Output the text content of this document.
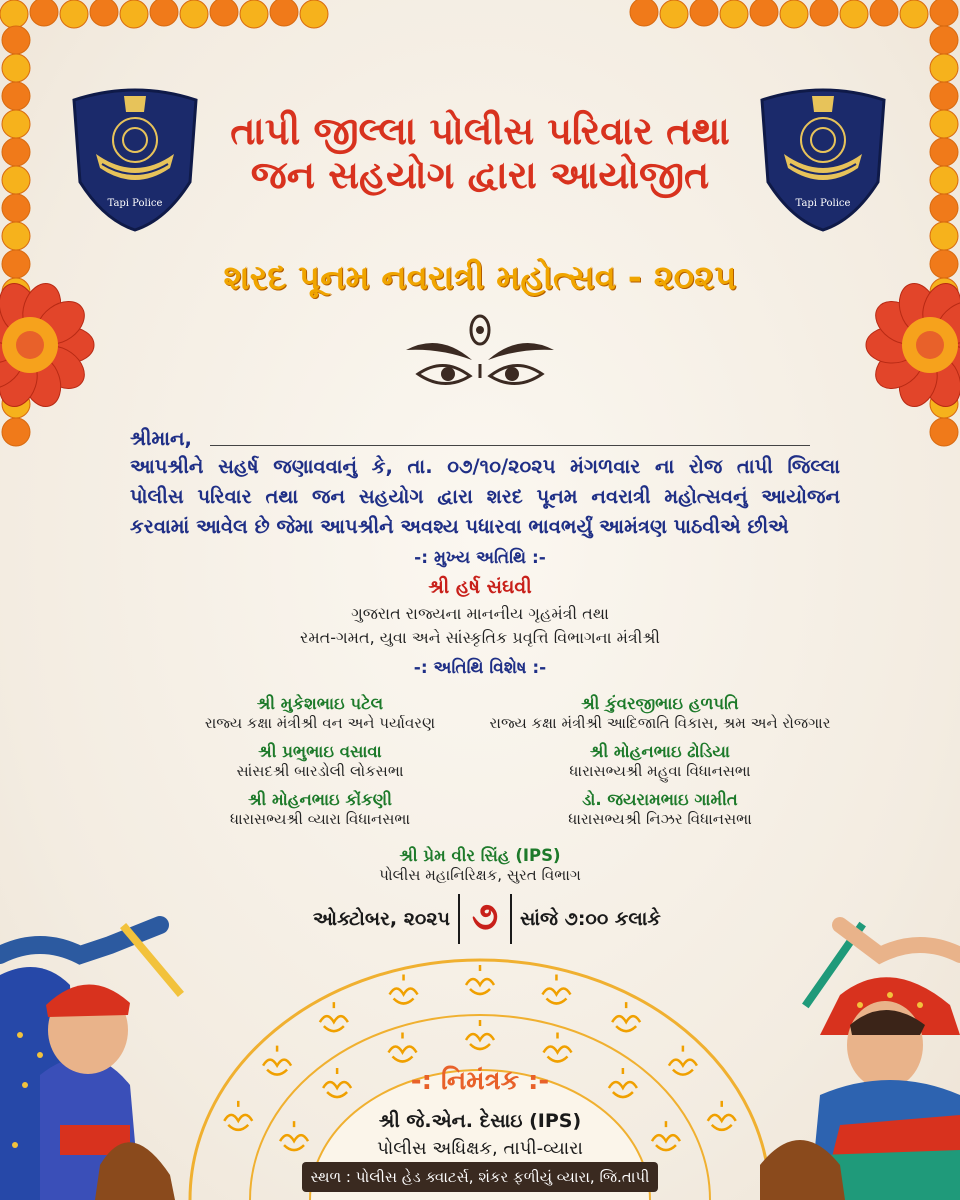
Tapi Police	Tapi Police
તાપી જીલ્લા પોલીસ પરિવાર તથા
જન સહયોગ દ્વારા આયોજીત
શરદ પૂનમ નવરાત્રી મહોત્સવ - ૨૦૨૫
શ્રીમાન,
આપશ્રીને સહર્ષ જણાવવાનું કે, તા. ૦૭/૧૦/૨૦૨૫ મંગળવાર ના રોજ તાપી જિલ્લા
પોલીસ પરિવાર તથા જન સહયોગ દ્વારા શરદ પૂનમ નવરાત્રી મહોત્સવનું આયોજન
કરવામાં આવેલ છે જેમા આપશ્રીને અવશ્ય પધારવા ભાવભર્યું આમંત્રણ પાઠવીએ છીએ
-: મુખ્ય અતિથિ :-
શ્રી હર્ષ સંઘવી
ગુજરાત રાજ્યના માનનીય ગૃહમંત્રી તથા
રમત-ગમત, યુવા અને સાંસ્કૃતિક પ્રવૃત્તિ વિભાગના મંત્રીશ્રી
-: અતિથિ વિશેષ :-
શ્રી મુકેશભાઇ પટેલ
રાજ્ય કક્ષા મંત્રીશ્રી વન અને પર્યાવરણ
શ્રી પ્રભુભાઇ વસાવા
સાંસદશ્રી બારડોલી લોકસભા
શ્રી મોહનભાઇ કોંકણી
ધારાસભ્યશ્રી વ્યારા વિધાનસભા
શ્રી કુંવરજીભાઇ હળપતિ
રાજ્ય કક્ષા મંત્રીશ્રી આદિજાતિ વિકાસ, શ્રમ અને રોજગાર
શ્રી મોહનભાઇ ઢોડિયા
ધારાસભ્યશ્રી મહુવા વિધાનસભા
ડો. જયરામભાઇ ગામીત
ધારાસભ્યશ્રી નિઝર વિધાનસભા
શ્રી પ્રેમ વીર સિંહ (IPS)
પોલીસ મહાનિરિક્ષક, સુરત વિભાગ
ઓક્ટોબર, ૨૦૨૫ ૭	સાંજે ૭:૦૦ કલાકે
-: નિમંત્રક :-
શ્રી જે.એન. દેસાઇ (IPS)
પોલીસ અધિક્ષક, તાપી-વ્યારા
સ્થળ : પોલીસ હેડ ક્વાટર્સ, શંકર ફળીયું વ્યારા, જિ.તાપી
